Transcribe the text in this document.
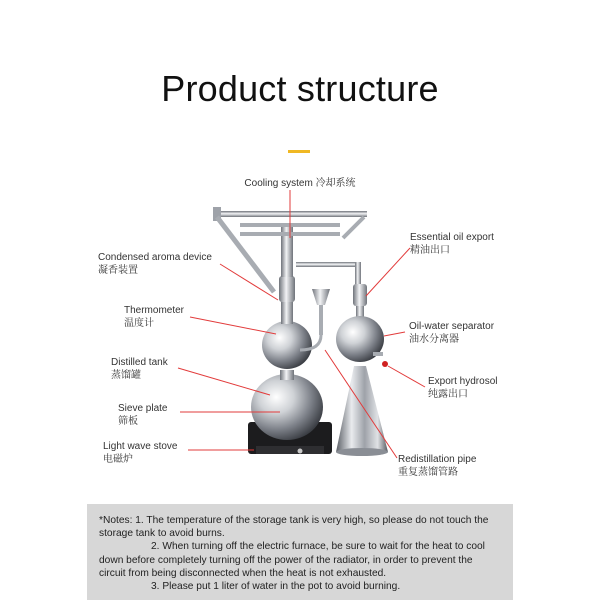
Product structure
Cooling system 冷却系统
Condensed aroma device
凝香装置
Thermometer
温度计
Distilled tank
蒸馏罐
Sieve plate
筛板
Light wave stove
电磁炉
Essential oil export
精油出口
Oil-water separator
油水分离器
Export hydrosol
纯露出口
Redistillation pipe
重复蒸馏管路

*Notes: 1. The temperature of the storage tank is very high, so please do not touch the storage tank to avoid burns.

2. When turning off the electric furnace, be sure to wait for the heat to cool down before completely turning off the power of the radiator, in order to prevent the circuit from being disconnected when the heat is not exhausted.

3. Please put 1 liter of water in the pot to avoid burning.
